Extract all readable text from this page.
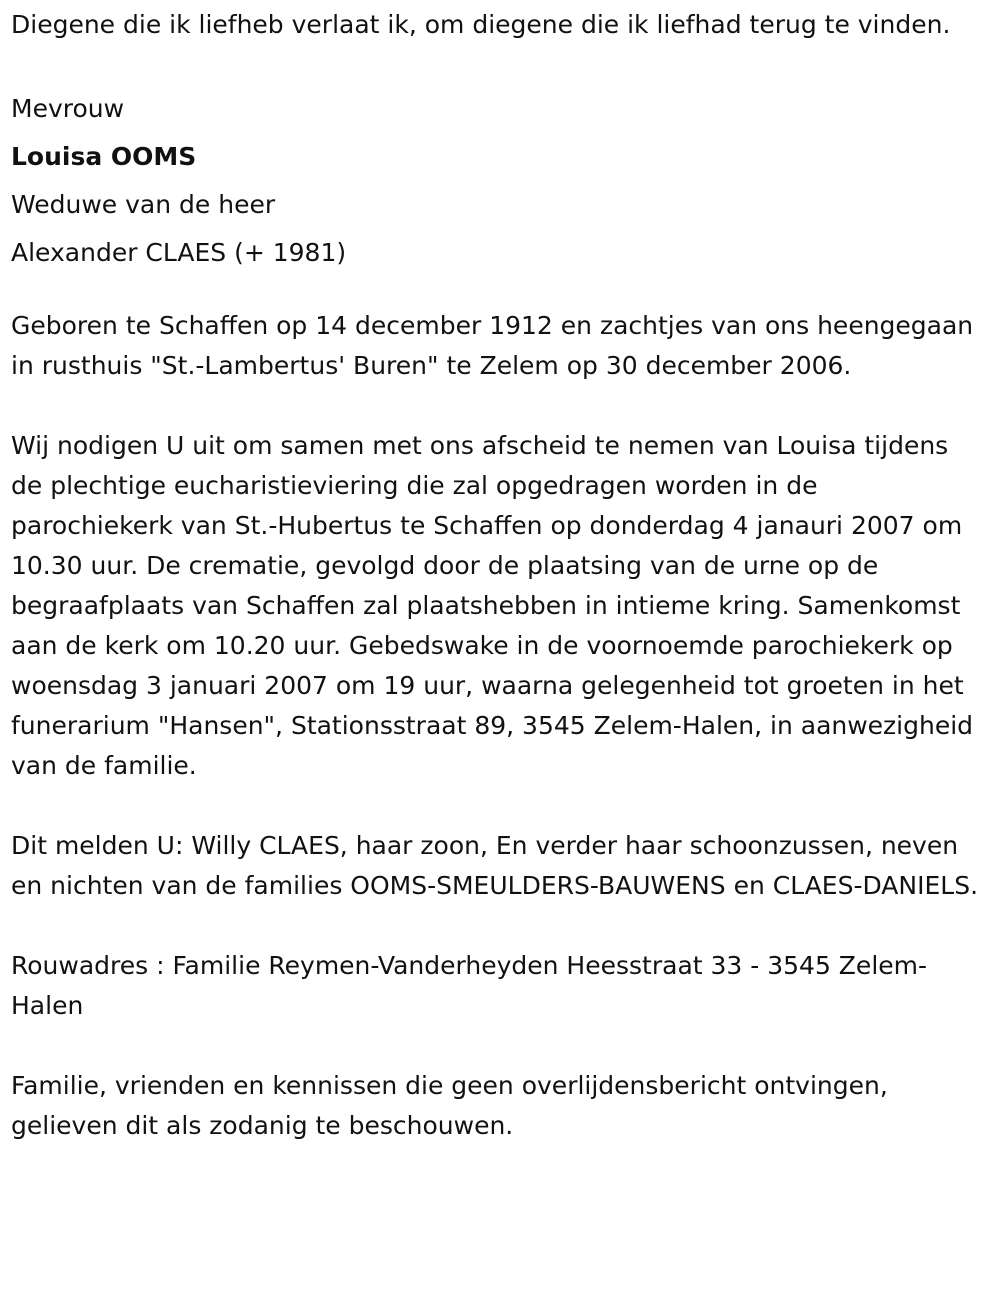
Diegene die ik liefheb verlaat ik, om diegene die ik liefhad terug te vinden.

Mevrouw

Louisa OOMS

Weduwe van de heer

Alexander CLAES (+ 1981)

Geboren te Schaffen op 14 december 1912 en zachtjes van ons heengegaan in rusthuis "St.-Lambertus' Buren" te Zelem op 30 december 2006.

Wij nodigen U uit om samen met ons afscheid te nemen van Louisa tijdens de plechtige eucharistieviering die zal opgedragen worden in de parochiekerk van St.-Hubertus te Schaffen op donderdag 4 janauri 2007 om 10.30 uur. De crematie, gevolgd door de plaatsing van de urne op de begraafplaats van Schaffen zal plaatshebben in intieme kring. Samenkomst aan de kerk om 10.20 uur. Gebedswake in de voornoemde parochiekerk op woensdag 3 januari 2007 om 19 uur, waarna gelegenheid tot groeten in het funerarium "Hansen", Stationsstraat 89, 3545 Zelem-Halen, in aanwezigheid van de familie.

Dit melden U: Willy CLAES, haar zoon, En verder haar schoonzussen, neven en nichten van de families OOMS-SMEULDERS-BAUWENS en CLAES-DANIELS.

Rouwadres : Familie Reymen-Vanderheyden Heesstraat 33 - 3545 Zelem-Halen

Familie, vrienden en kennissen die geen overlijdensbericht ontvingen, gelieven dit als zodanig te beschouwen.
